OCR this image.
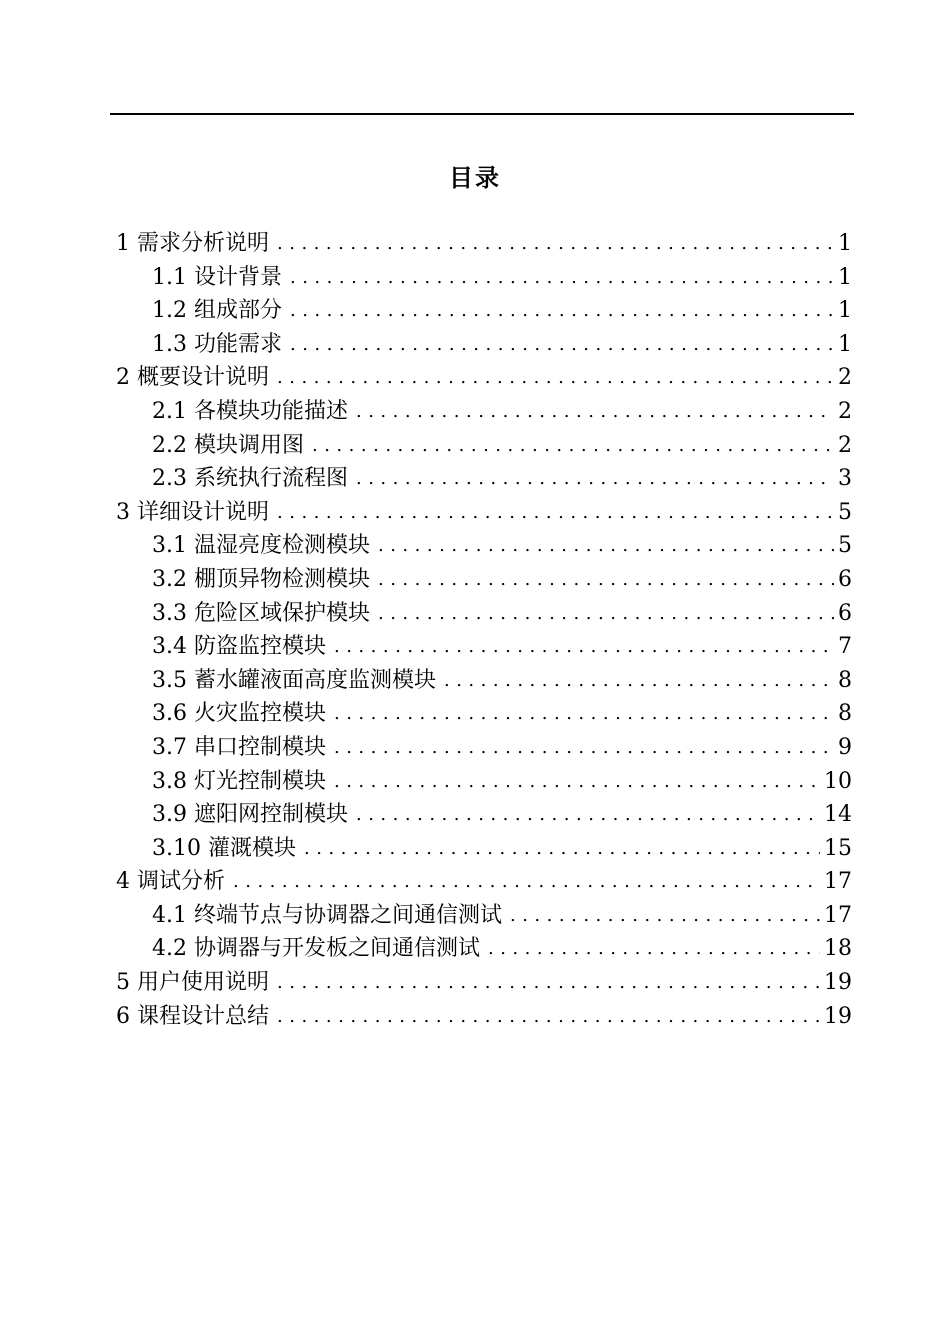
目录
1 需求分析说明 .....	1
1.1 设计背景 .....	1
1.2 组成部分 .....	1
1.3 功能需求 .....	1
2 概要设计说明 .....	2
2.1 各模块功能描述 .....	2
2.2 模块调用图 .....	2
2.3 系统执行流程图 .....	3
3 详细设计说明 .....	5
3.1 温湿亮度检测模块 .....	5
3.2 棚顶异物检测模块 .....	6
3.3 危险区域保护模块 .....	6
3.4 防盗监控模块 .....	7
3.5 蓄水罐液面高度监测模块 .....	8
3.6 火灾监控模块 .....	8
3.7 串口控制模块 .....	9
3.8 灯光控制模块 .....	10
3.9 遮阳网控制模块 .....	14
3.10 灌溉模块 .....	15
4 调试分析 .....	17
4.1 终端节点与协调器之间通信测试 .....	17
4.2 协调器与开发板之间通信测试 .....	18
5 用户使用说明 .....	19
6 课程设计总结 .....	19
